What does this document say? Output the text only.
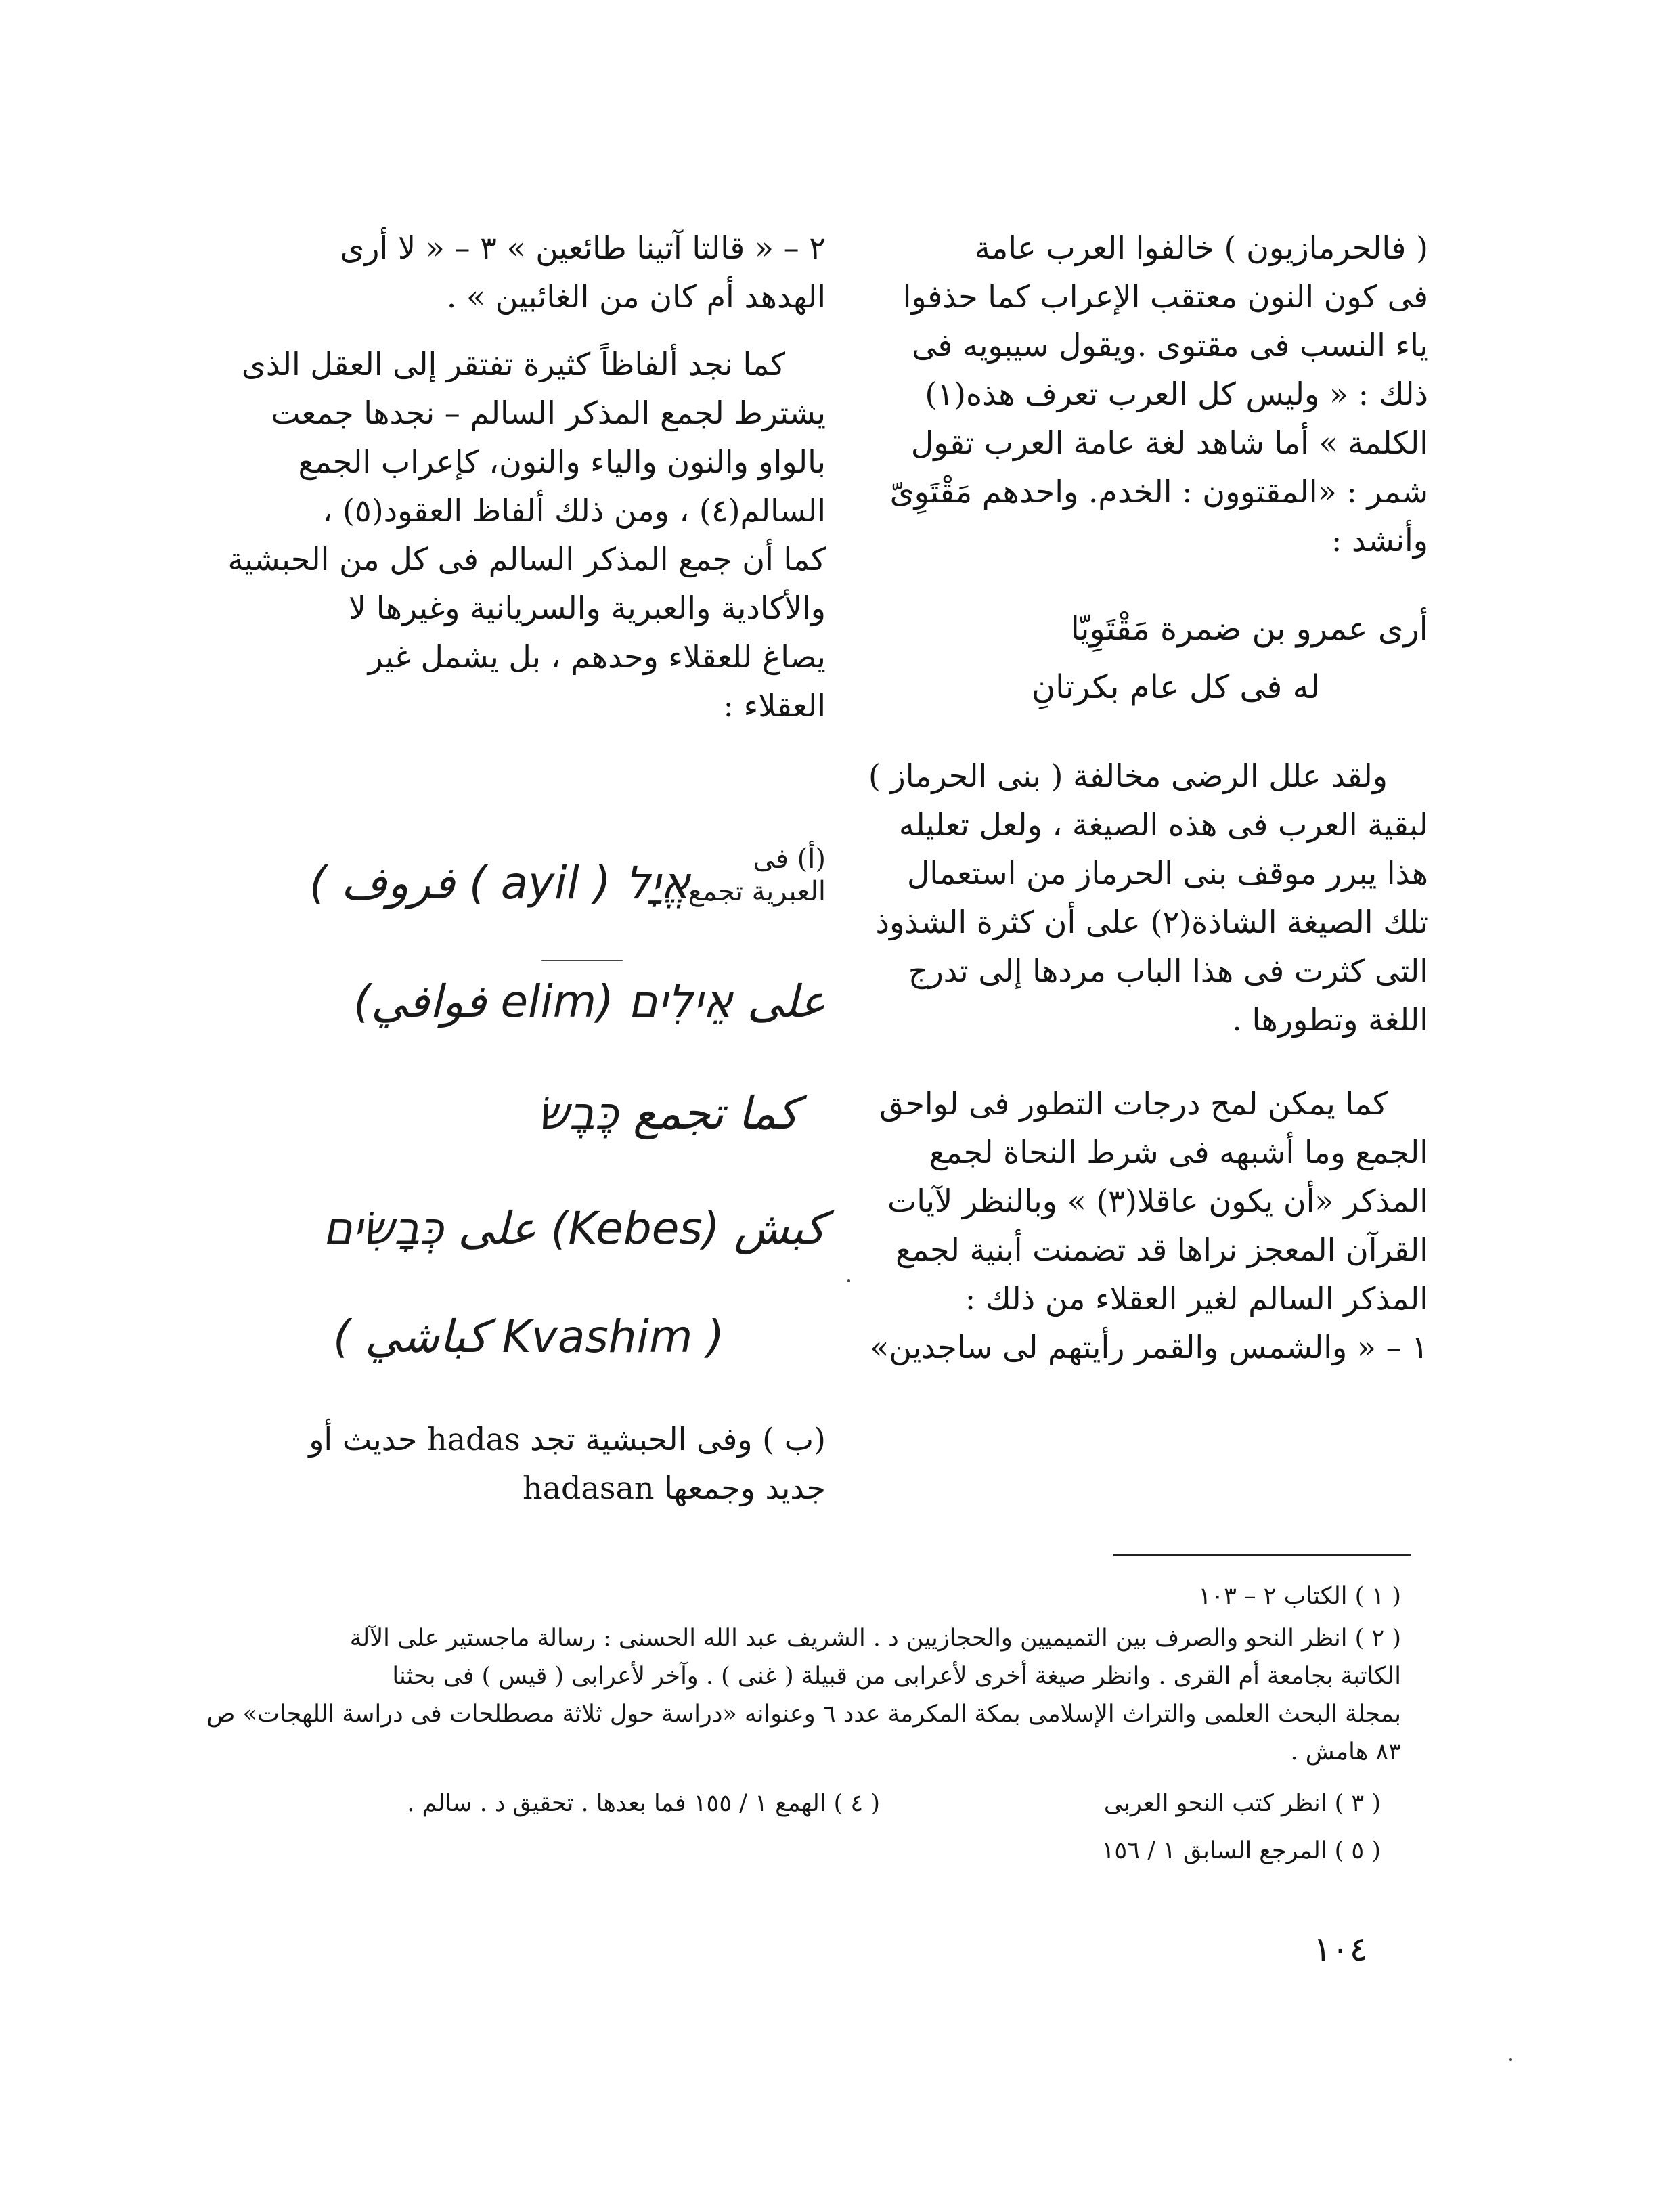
( فالحرمازيون ) خالفوا العرب عامة
فى كون النون معتقب الإعراب كما حذفوا
ياء النسب فى مقتوى .ويقول سيبويه فى
ذلك : « وليس كل العرب تعرف هذه(١)
الكلمة » أما شاهد لغة عامة العرب تقول
شمر : «المقتوون : الخدم. واحدهم مَقْتَوِىّ
وأنشد :
أرى عمرو بن ضمرة مَقْتَوِيّا
له فى كل عام بكرتانِ
ولقد علل الرضى مخالفة ( بنى الحرماز )
لبقية العرب فى هذه الصيغة ، ولعل تعليله
هذا يبرر موقف بنى الحرماز من استعمال
تلك الصيغة الشاذة(٢) على أن كثرة الشذوذ
التى كثرت فى هذا الباب مردها إلى تدرج
اللغة وتطورها .
كما يمكن لمح درجات التطور فى لواحق
الجمع وما أشبهه فى شرط النحاة لجمع
المذكر «أن يكون عاقلا(٣) » وبالنظر لآيات
القرآن المعجز نراها قد تضمنت أبنية لجمع
المذكر السالم لغير العقلاء من ذلك :
١ – « والشمس والقمر رأيتهم لى ساجدين»
٢ – « قالتا آتينا طائعين » ٣ – « لا أرى
الهدهد أم كان من الغائبين » .
كما نجد ألفاظاً كثيرة تفتقر إلى العقل الذى
يشترط لجمع المذكر السالم – نجدها جمعت
بالواو والنون والياء والنون، كإعراب الجمع
السالم(٤) ، ومن ذلك ألفاظ العقود(٥) ،
كما أن جمع المذكر السالم فى كل من الحبشية
والأكادية والعبرية والسريانية وغيرها لا
يصاغ للعقلاء وحدهم ، بل يشمل غير
العقلاء :
(أ) فى
العبرية تجمع
אֱיָל ( ayil ) فروف )
على אֵילִים (elim فوافي)
كما تجمع כֶּבֶשׂ
كبش (Kebes) على כְּבָשִׂים
( Kvashim كباشي )
(ب ) وفى الحبشية تجد hadas حديث أو
جديد وجمعها hadasan
( ١ ) الكتاب ٢ – ١٠٣
( ٢ ) انظر النحو والصرف بين التميميين والحجازيين د . الشريف عبد الله الحسنى : رسالة ماجستير على الآلة
الكاتبة بجامعة أم القرى . وانظر صيغة أخرى لأعرابى من قبيلة ( غنى ) . وآخر لأعرابى ( قيس ) فى بحثنا
بمجلة البحث العلمى والتراث الإسلامى بمكة المكرمة عدد ٦ وعنوانه «دراسة حول ثلاثة مصطلحات فى دراسة اللهجات» ص
٨٣ هامش .
( ٣ ) انظر كتب النحو العربى
( ٤ ) الهمع ١ / ١٥٥ فما بعدها . تحقيق د . سالم .
( ٥ ) المرجع السابق ١ / ١٥٦
١٠٤
